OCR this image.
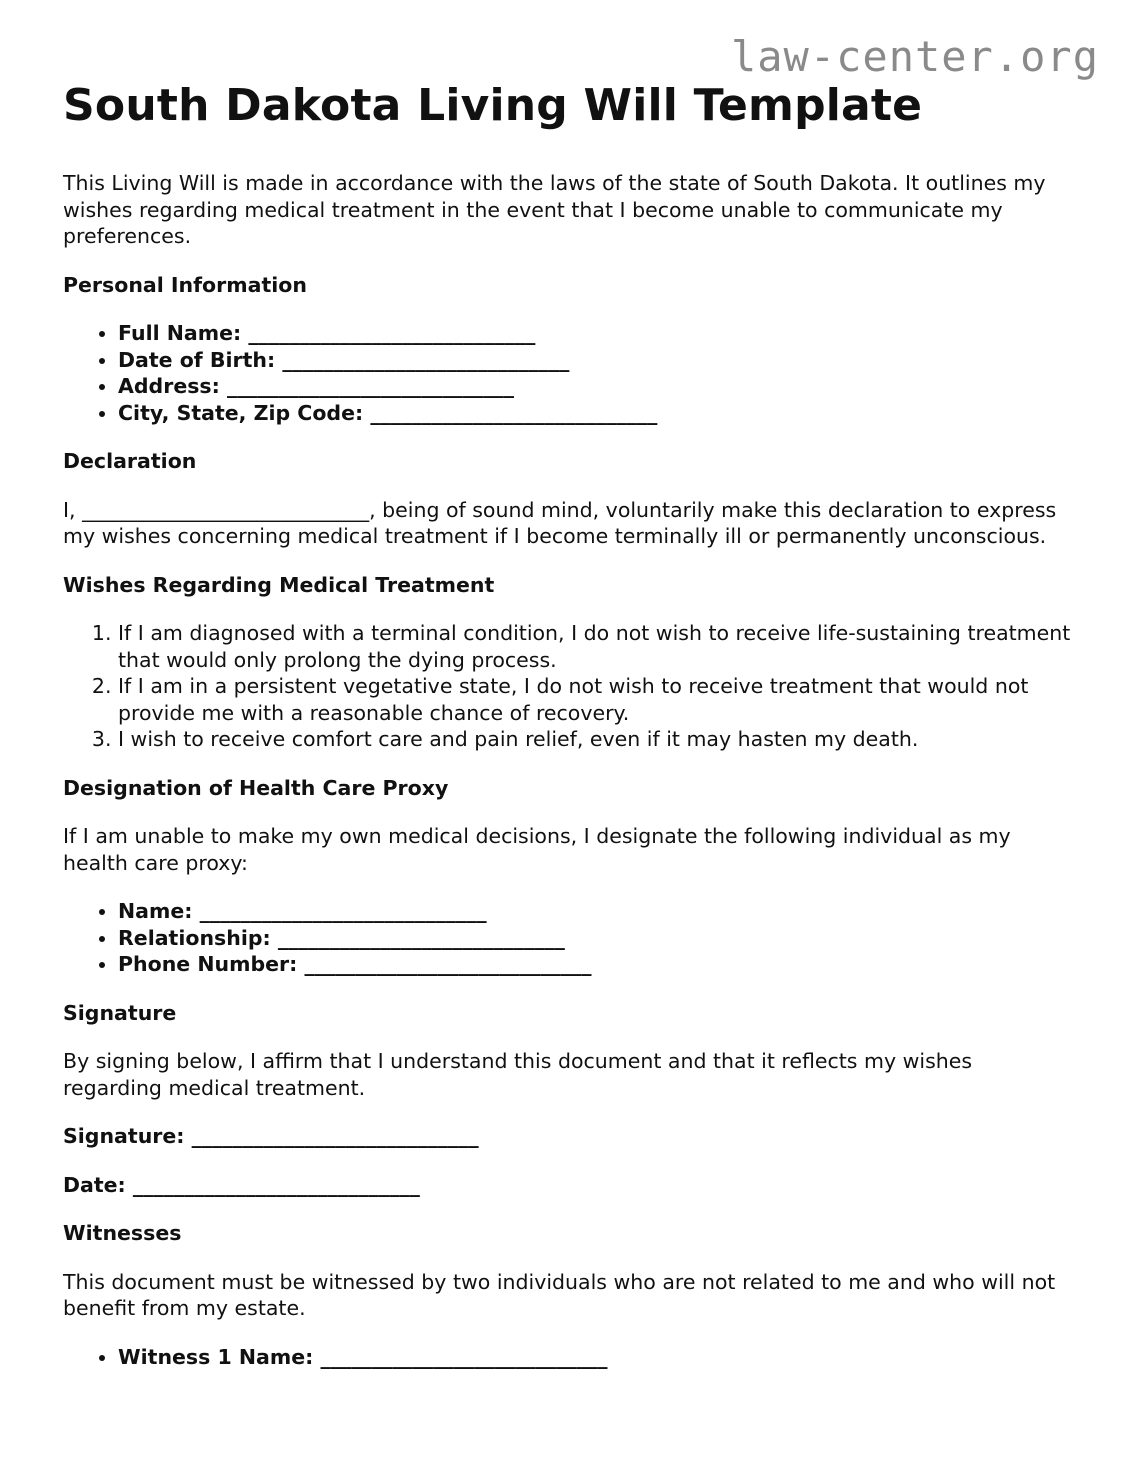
law-center.org
South Dakota Living Will Template

This Living Will is made in accordance with the laws of the state of South Dakota. It outlines my wishes regarding medical treatment in the event that I become unable to communicate my preferences.

Personal Information
• Full Name: ____________________________
• Date of Birth: ____________________________
• Address: ____________________________
• City, State, Zip Code: ____________________________
Declaration

I, ____________________________, being of sound mind, voluntarily make this declaration to express my wishes concerning medical treatment if I become terminally ill or permanently unconscious.

Wishes Regarding Medical Treatment
1. If I am diagnosed with a terminal condition, I do not wish to receive life-sustaining treatment that would only prolong the dying process.
2. If I am in a persistent vegetative state, I do not wish to receive treatment that would not provide me with a reasonable chance of recovery.
3. I wish to receive comfort care and pain relief, even if it may hasten my death.
Designation of Health Care Proxy

If I am unable to make my own medical decisions, I designate the following individual as my health care proxy:

• Name: ____________________________
• Relationship: ____________________________
• Phone Number: ____________________________
Signature

By signing below, I affirm that I understand this document and that it reflects my wishes regarding medical treatment.

Signature: ____________________________

Date: ____________________________

Witnesses

This document must be witnessed by two individuals who are not related to me and who will not benefit from my estate.

• Witness 1 Name: ____________________________
